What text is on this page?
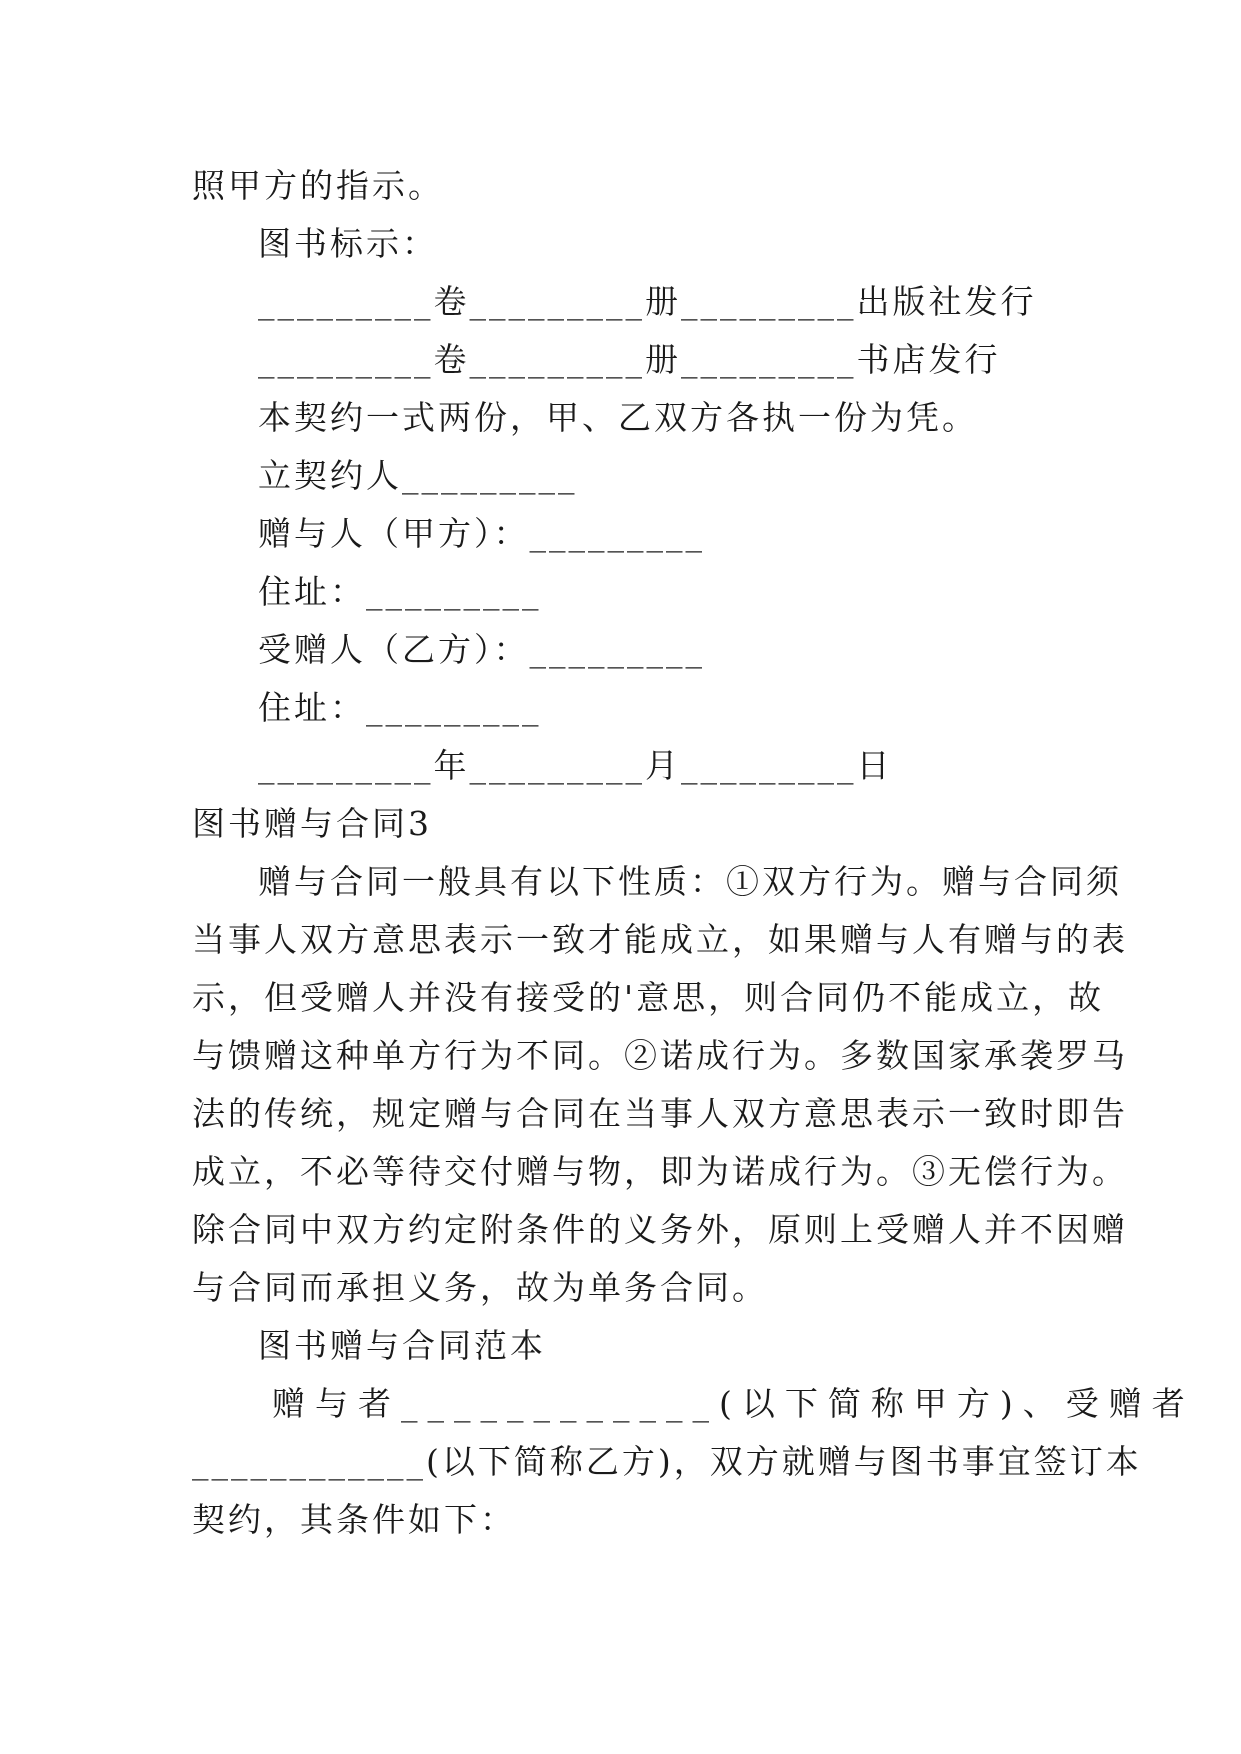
照甲方的指示。
图书标示：
_________卷_________册_________出版社发行
_________卷_________册_________书店发行
本契约一式两份，甲、乙双方各执一份为凭。
立契约人_________
赠与人（甲方）：_________
住址：_________
受赠人（乙方）：_________
住址：_________
_________年_________月_________日
图书赠与合同3
赠与合同一般具有以下性质：①双方行为。赠与合同须
当事人双方意思表示一致才能成立，如果赠与人有赠与的表
示，但受赠人并没有接受的'意思，则合同仍不能成立，故
与馈赠这种单方行为不同。②诺成行为。多数国家承袭罗马
法的传统，规定赠与合同在当事人双方意思表示一致时即告
成立，不必等待交付赠与物，即为诺成行为。③无偿行为。
除合同中双方约定附条件的义务外，原则上受赠人并不因赠
与合同而承担义务，故为单务合同。
图书赠与合同范本
赠与者____________(以下简称甲方)、受赠者
____________(以下简称乙方)，双方就赠与图书事宜签订本
契约，其条件如下：
